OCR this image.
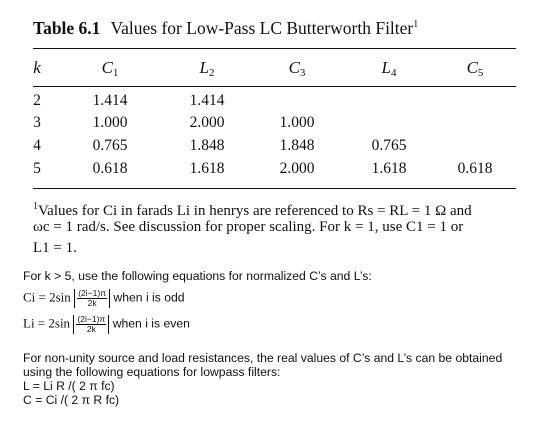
Table 6.1 Values for Low-Pass LC Butterworth Filter$^1$
k	$C_1$	$L_2$	$C_3$	$L_4$	$C_5$
2	1.414	1.414
3	1.000	2.000	1.000
4	0.765	1.848	1.848	0.765
5	0.618	1.618	2.000	1.618	0.618
$^1$Values for Ci in farads Li in henrys are referenced to Rs = RL = 1 Ω and
ωc = 1 rad/s. See discussion for proper scaling. For k = 1, use C1 = 1 or
L1 = 1.
For k > 5, use the following equations for normalized C’s and L’s:
$Ci = 2\sin \frac{(2i-1)\pi}{2k}$ when i is odd
$Li = 2\sin \frac{(2i-1)\pi}{2k}$ when i is even
For non-unity source and load resistances, the real values of C’s and L’s can be obtained
using the following equations for lowpass filters:
L = Li R /( 2 π fc)
C = Ci /( 2 π R fc)
